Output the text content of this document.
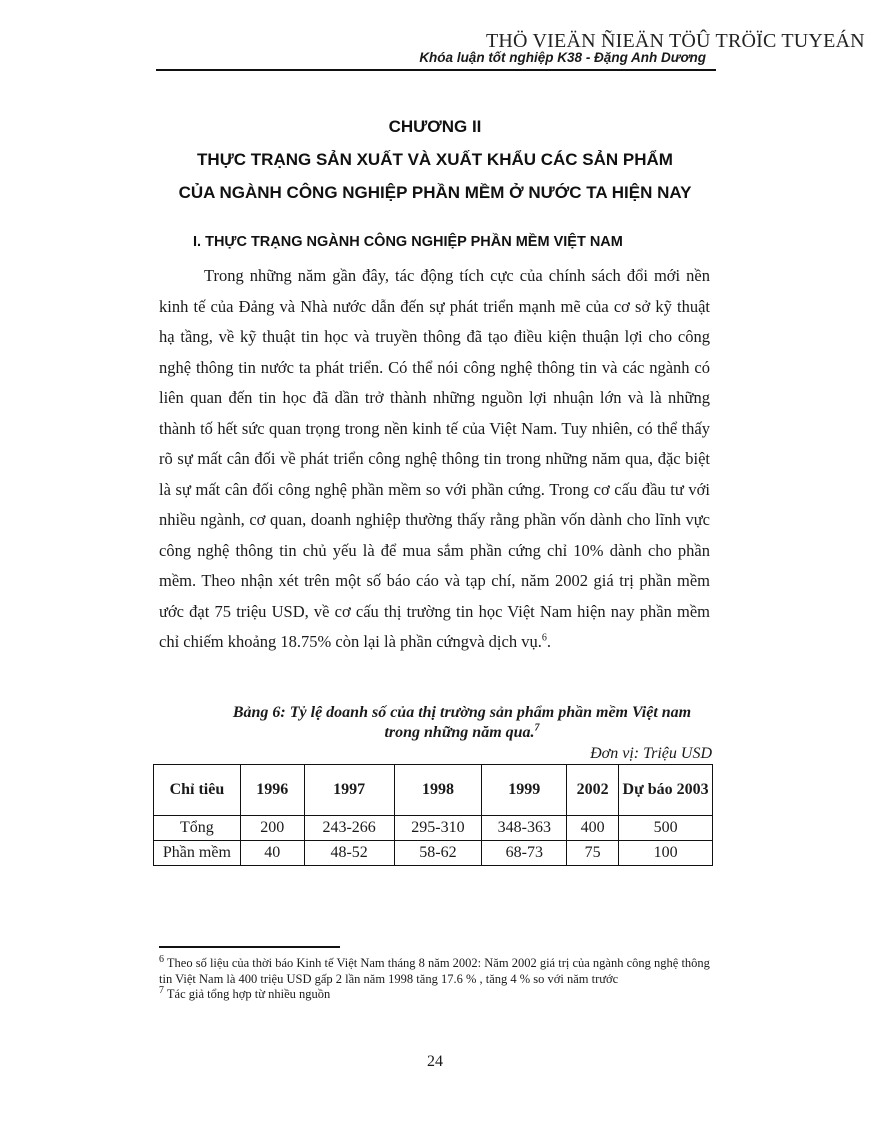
THÖ VIEÄN ÑIEÄN TÖÛ TRÖÏC TUYEÁN
Khóa luận tốt nghiệp K38 - Đặng Anh Dương
CHƯƠNG II
THỰC TRẠNG SẢN XUẤT VÀ XUẤT KHẨU CÁC SẢN PHẨM
CỦA NGÀNH CÔNG NGHIỆP PHẦN MỀM Ở NƯỚC TA HIỆN NAY
I. THỰC TRẠNG NGÀNH CÔNG NGHIỆP PHẦN MỀM VIỆT NAM

Trong những năm gần đây, tác động tích cực của chính sách đổi mới nền kinh tế của Đảng và Nhà nước dẫn đến sự phát triển mạnh mẽ của cơ sở kỹ thuật hạ tầng, về kỹ thuật tin học và truyền thông đã tạo điều kiện thuận lợi cho công nghệ thông tin nước ta phát triển. Có thể nói công nghệ thông tin và các ngành có liên quan đến tin học đã dần trở thành những nguồn lợi nhuận lớn và là những thành tố hết sức quan trọng trong nền kinh tế của Việt Nam. Tuy nhiên, có thể thấy rõ sự mất cân đối về phát triển công nghệ thông tin trong những năm qua, đặc biệt là sự mất cân đối công nghệ phần mềm so với phần cứng. Trong cơ cấu đầu tư với nhiều ngành, cơ quan, doanh nghiệp thường thấy rằng phần vốn dành cho lĩnh vực công nghệ thông tin chủ yếu là để mua sắm phần cứng chỉ 10% dành cho phần mềm. Theo nhận xét trên một số báo cáo và tạp chí, năm 2002 giá trị phần mềm ước đạt 75 triệu USD, về cơ cấu thị trường tin học Việt Nam hiện nay phần mềm chỉ chiếm khoảng 18.75% còn lại là phần cứngvà dịch vụ.$^6$.

Bảng 6: Tỷ lệ doanh số của thị trường sản phẩm phần mềm Việt nam
trong những năm qua.$^7$
Đơn vị: Triệu USD
Chỉ tiêu	1996	1997	1998	1999	2002	Dự báo 2003
Tổng	200	243-266	295-310	348-363	400	500
Phần mềm	40	48-52	58-62	68-73	75	100

$^6$ Theo số liệu của thời báo Kinh tế Việt Nam tháng 8 năm 2002: Năm 2002 giá trị của ngành công nghệ thông tin Việt Nam là 400 triệu USD gấp 2 lần năm 1998 tăng 17.6 % , tăng 4 % so với năm trước

$^7$ Tác giả tổng hợp từ nhiều nguồn

24
